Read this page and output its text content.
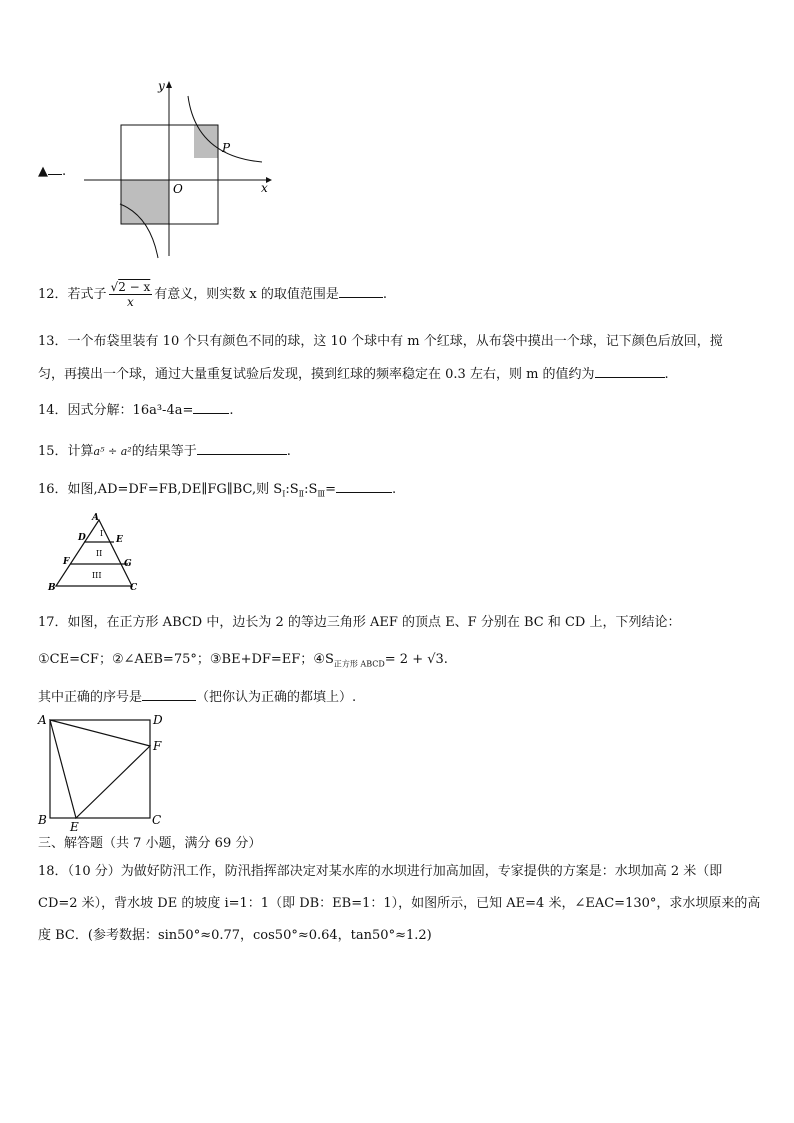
▲ .
y
x
O
P
12．若式子 $\frac{√2 - x}{x}$ 有意义，则实数 x 的取值范围是	.
13．一个布袋里装有 10 个只有颜色不同的球，这 10 个球中有 m 个红球，从布袋中摸出一个球，记下颜色后放回，搅
匀，再摸出一个球，通过大量重复试验后发现，摸到红球的频率稳定在 0.3 左右，则 m 的值约为	.
14．因式分解：16a³-4a=	.
15．计算a⁵ ÷ a²的结果等于	.
16．如图,AD=DF=FB,DE∥FG∥BC,则 $S_Ⅰ:S_Ⅱ:S_Ⅲ=$	.
A
D	E
F	G
B	C
I
II
III
17．如图，在正方形 ABCD 中，边长为 2 的等边三角形 AEF 的顶点 E、F 分别在 BC 和 CD 上，下列结论：
①CE=CF；②∠AEB=75°；③BE+DF=EF；$④S_{正方形 ABCD}= 2 + √3$.
其中正确的序号是	（把你认为正确的都填上）.
A	D
F
B	C
E
三、解答题（共 7 小题，满分 69 分）
18．（10 分）为做好防汛工作，防汛指挥部决定对某水库的水坝进行加高加固，专家提供的方案是：水坝加高 2 米（即
CD=2 米），背水坡 DE 的坡度 i=1：1（即 DB：EB=1：1），如图所示，已知 AE=4 米，∠EAC=130°，求水坝原来的高
度 BC．(参考数据：sin50°≈0.77，cos50°≈0.64，tan50°≈1.2)
